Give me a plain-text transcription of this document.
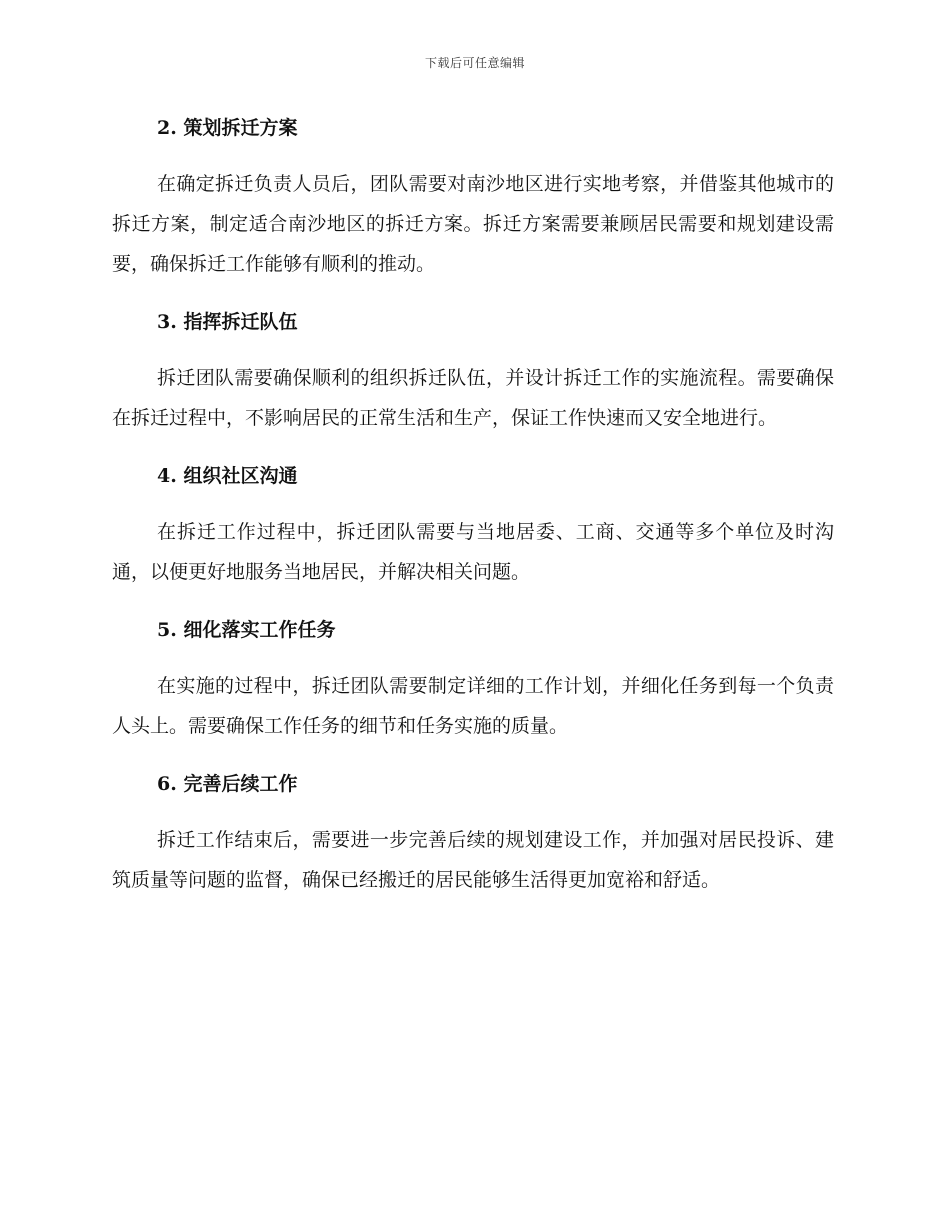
下载后可任意编辑
2. 策划拆迁方案

在确定拆迁负责人员后，团队需要对南沙地区进行实地考察，并借鉴其他城市的拆迁方案，制定适合南沙地区的拆迁方案。拆迁方案需要兼顾居民需要和规划建设需要，确保拆迁工作能够有顺利的推动。

3. 指挥拆迁队伍

拆迁团队需要确保顺利的组织拆迁队伍，并设计拆迁工作的实施流程。需要确保在拆迁过程中，不影响居民的正常生活和生产，保证工作快速而又安全地进行。

4. 组织社区沟通

在拆迁工作过程中，拆迁团队需要与当地居委、工商、交通等多个单位及时沟通，以便更好地服务当地居民，并解决相关问题。

5. 细化落实工作任务

在实施的过程中，拆迁团队需要制定详细的工作计划，并细化任务到每一个负责人头上。需要确保工作任务的细节和任务实施的质量。

6. 完善后续工作

拆迁工作结束后，需要进一步完善后续的规划建设工作，并加强对居民投诉、建筑质量等问题的监督，确保已经搬迁的居民能够生活得更加宽裕和舒适。
